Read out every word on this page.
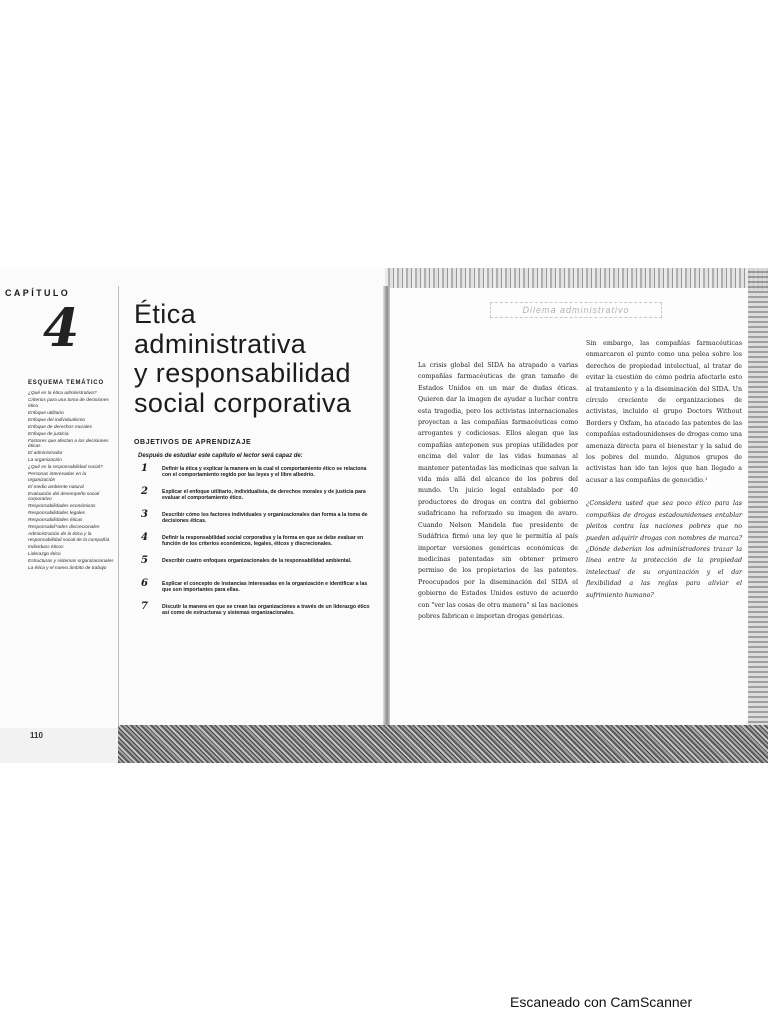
CAPÍTULO
4
ESQUEMA TEMÁTICO
¿Qué es la ética administrativa?
Criterios para una toma de decisiones ético
Enfoque utilitario
Enfoque del individualismo
Enfoque de derechos morales
Enfoque de justicia
Factores que afectan a los decisiones éticas
El administrador
La organización
¿Qué es la responsabilidad social?
Personas interesadas en la organización
El medio ambiente natural
Evaluación del desempeño social corporativo
Responsabilidades económicas
Responsabilidades legales
Responsabilidades éticas
Responsabili*ades discrecionales
Administración de la ética y la responsabilidad social de la compañía
Individuos éticos
Liderazgo ético
Estructuras y sistemas organizacionales
La ética y el nuevo ámbito de trabajo
Ética
administrativa
y responsabilidad
social corporativa
OBJETIVOS DE APRENDIZAJE
Después de estudiar este capítulo el lector será capaz de:
1	Definir la ética y explicar la manera en la cual el comportamiento ético se relaciona con el comportamiento regido por las leyes y el libre albedrío.
2	Explicar el enfoque utilitario, individualista, de derechos morales y de justicia para evaluar el comportamiento ético.
3	Describir cómo los factores individuales y organizacionales dan forma a la toma de decisiones éticas.
4	Definir la responsabilidad social corporativa y la forma en que se debe evaluar en función de los criterios económicos, legales, éticos y discrecionales.
5	Describir cuatro enfoques organizacionales de la responsabilidad ambiental.
6	Explicar el concepto de instancias interesadas en la organización e identificar a las que son importantes para ellas.
7	Discutir la manera en que se crean las organizaciones a través de un liderazgo ético así como de estructuras y sistemas organizacionales.
110
Dilema administrativo
La crisis global del SIDA ha atrapado a varias compañías farmacéuticas de gran tamaño de Estados Unidos en un mar de dudas éticas. Quieren dar la imagen de ayudar a luchar contra esta tragedia, pero los activistas internacionales proyectan a las compañías farmacéuticas como arrogantes y codiciosas. Ellos alegan que las compañías anteponen sus propias utilidades por encima del valor de las vidas humanas al mantener patentadas las medicinas que salvan la vida más allá del alcance de los pobres del mundo. Un juicio legal entablado por 40 productores de drogas en contra del gobierno sudafricano ha reforzado su imagen de avaro. Cuando Nelson Mandela fue presidente de Sudáfrica firmó una ley que le permitía al país importar versiones genéricas económicas de medicinas patentadas sin obtener primero permiso de los propietarios de las patentes. Preocupados por la diseminación del SIDA el gobierno de Estados Unidos estuvo de acuerdo con "ver las cosas de otra manera" si las naciones pobres fabrican e importan drogas genéricas.
Sin embargo, las compañías farmacéuticas enmarcaron el punto como una pelea sobre los derechos de propiedad intelectual, al tratar de evitar la cuestión de cómo podría afectarle esto al tratamiento y a la diseminación del SIDA. Un círculo creciente de organizaciones de activistas, incluido el grupo Doctors Without Borders y Oxfam, ha atacado las patentes de las compañías estadounidenses de drogas como una amenaza directa para el bienestar y la salud de los pobres del mundo. Algunos grupos de activistas han ido tan lejos que han llegado a acusar a las compañías de genocidio.¹
¿Considera usted que sea poco ético para las compañías de drogas estadounidenses entablar pleitos contra las naciones pobres que no pueden adquirir drogas con nombres de marca? ¿Dónde deberían los administradores trazar la línea entre la protección de la propiedad intelectual de su organización y el dar flexibilidad a las reglas para aliviar el sufrimiento humano?
Escaneado con CamScanner
